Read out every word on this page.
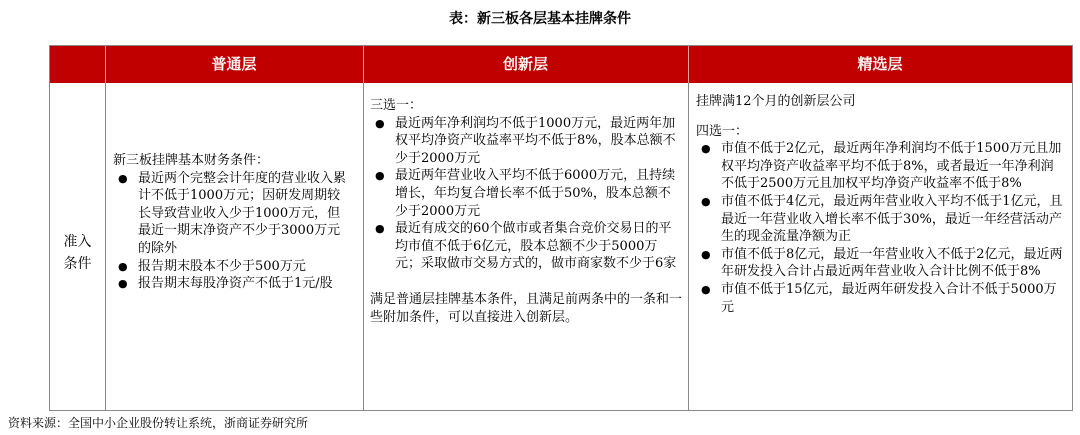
表：新三板各层基本挂牌条件
普通层	创新层	精选层
准入
条件

新三板挂牌基本财务条件：

● 最近两个完整会计年度的营业收入累计不低于1000万元；因研发周期较长导致营业收入少于1000万元，但最近一期末净资产不少于3000万元的除外
● 报告期末股本不少于500万元
● 报告期末每股净资产不低于1元/股

三选一：

● 最近两年净利润均不低于1000万元，最近两年加权平均净资产收益率平均不低于8%，股本总额不少于2000万元
● 最近两年营业收入平均不低于6000万元，且持续增长，年均复合增长率不低于50%，股本总额不少于2000万元
● 最近有成交的60个做市或者集合竞价交易日的平均市值不低于6亿元，股本总额不少于5000万元；采取做市交易方式的，做市商家数不少于6家

满足普通层挂牌基本条件，且满足前两条中的一条和一些附加条件，可以直接进入创新层。

挂牌满12个月的创新层公司

四选一：

● 市值不低于2亿元，最近两年净利润均不低于1500万元且加权平均净资产收益率平均不低于8%，或者最近一年净利润不低于2500万元且加权平均净资产收益率不低于8%
● 市值不低于4亿元，最近两年营业收入平均不低于1亿元，且最近一年营业收入增长率不低于30%，最近一年经营活动产生的现金流量净额为正
● 市值不低于8亿元，最近一年营业收入不低于2亿元，最近两年研发投入合计占最近两年营业收入合计比例不低于8%
● 市值不低于15亿元，最近两年研发投入合计不低于5000万元
资料来源：全国中小企业股份转让系统，浙商证券研究所
